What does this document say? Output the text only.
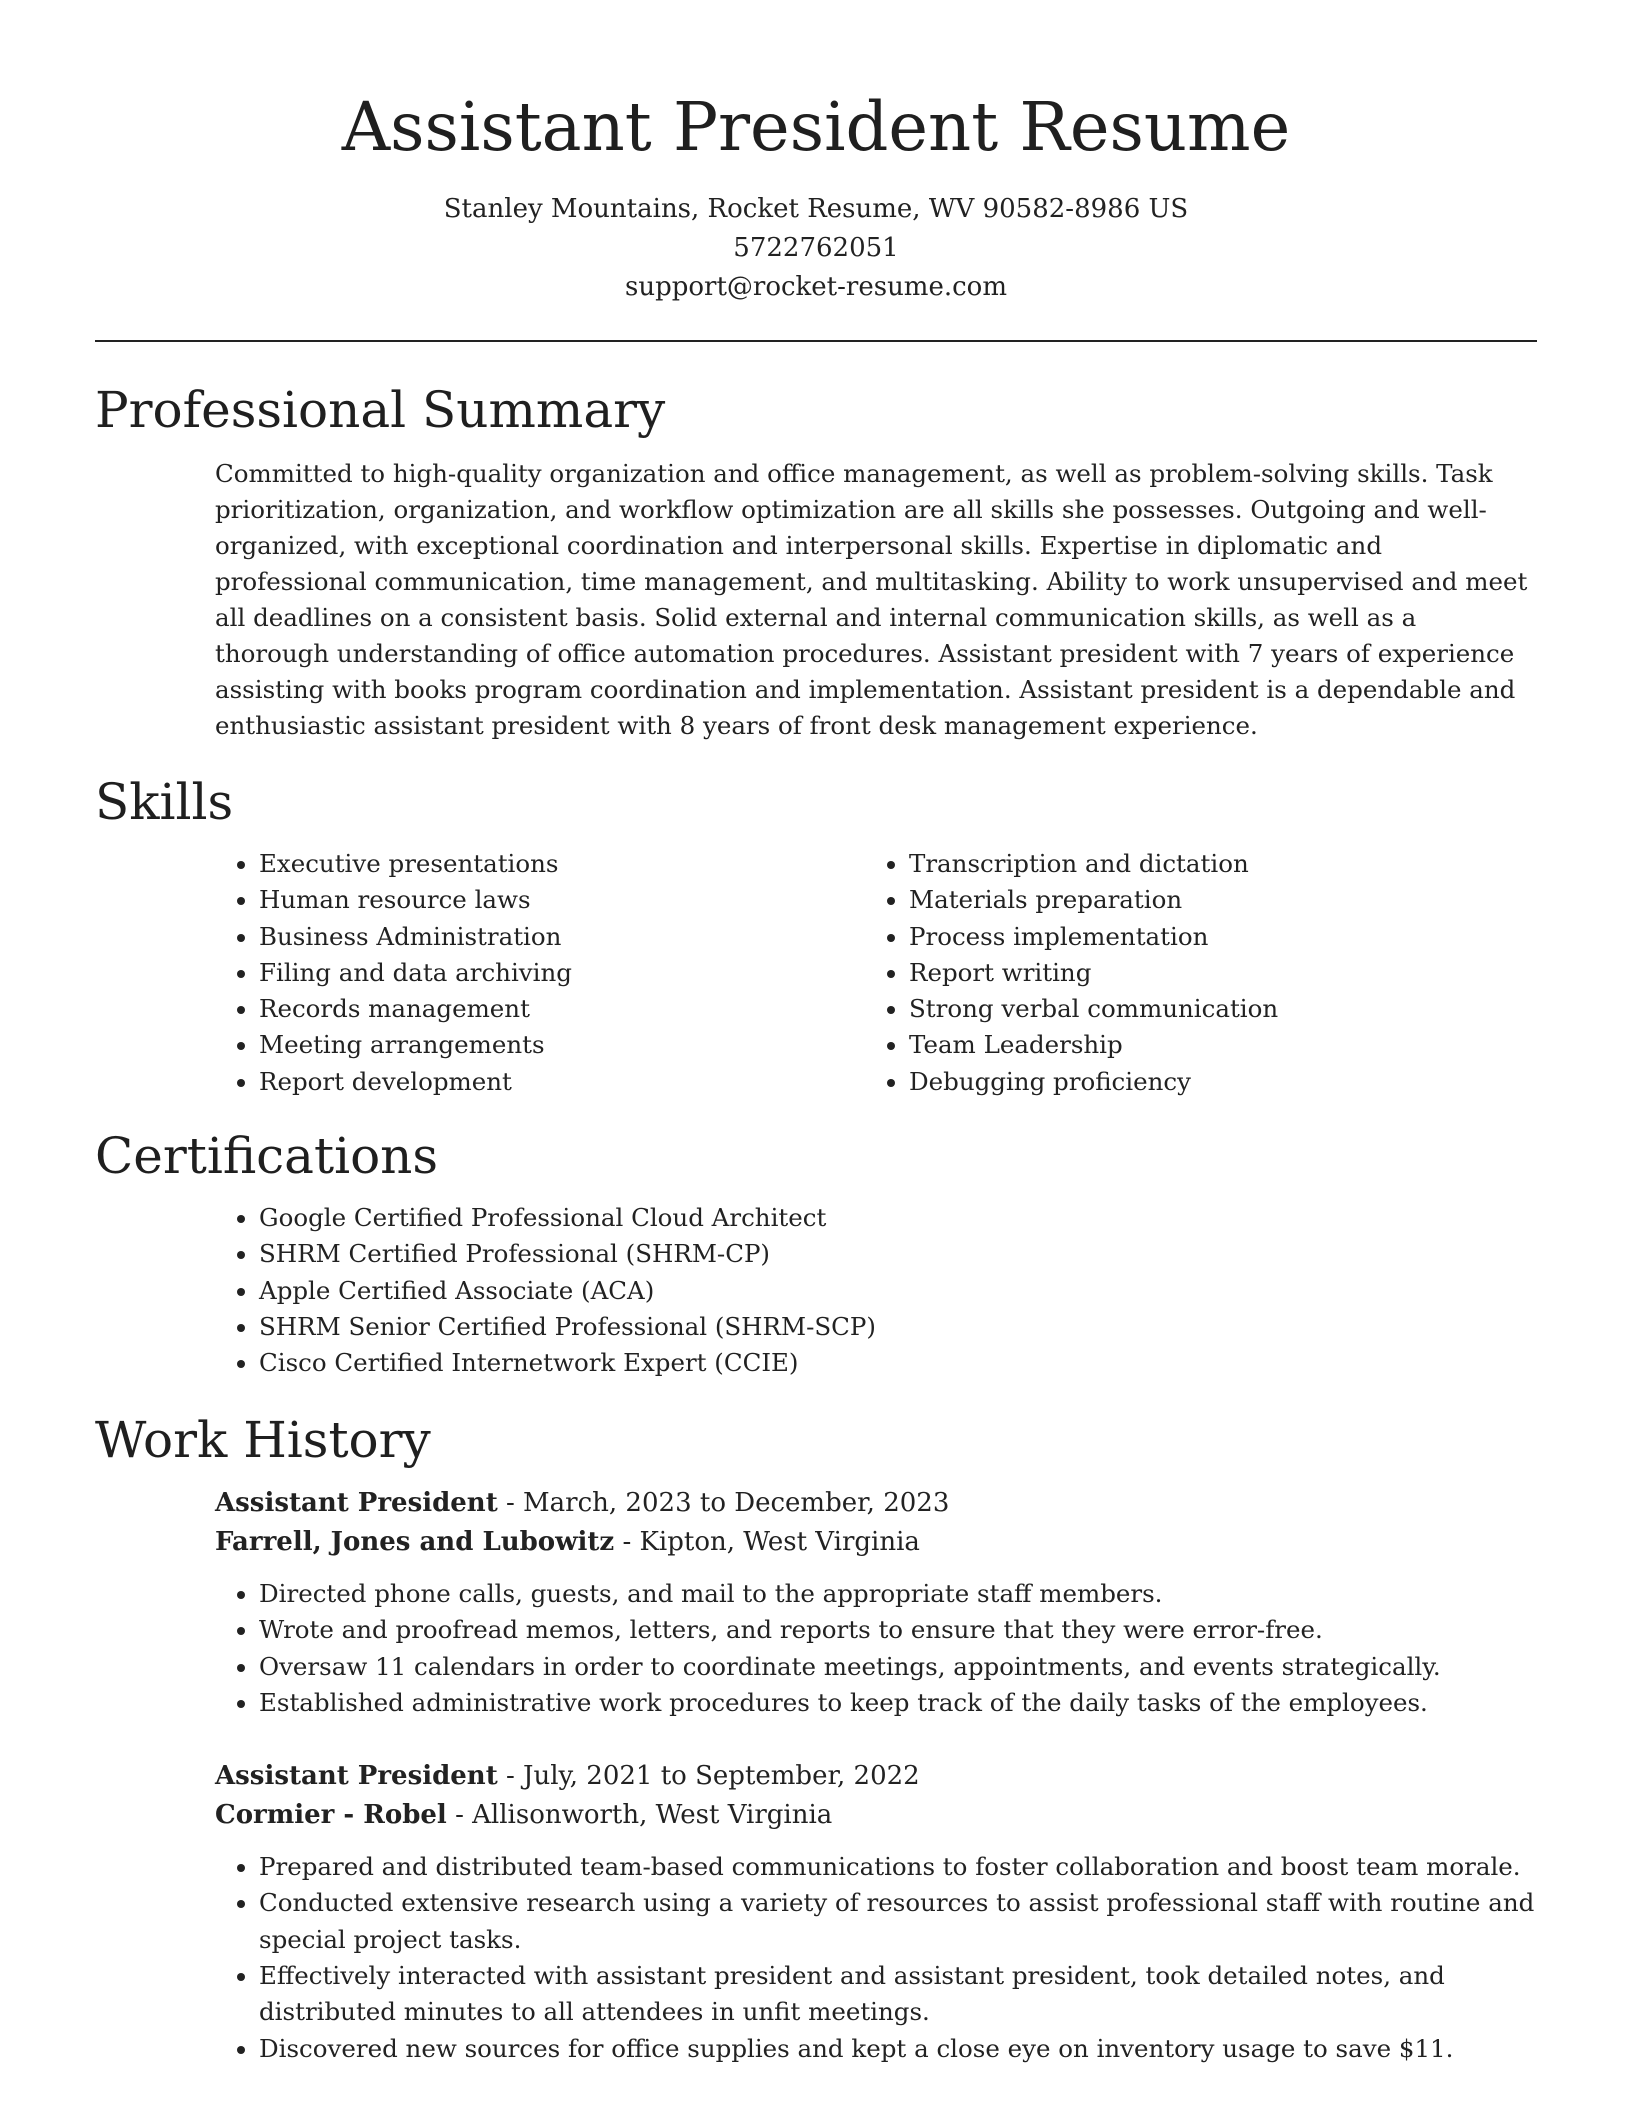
Assistant President Resume
Stanley Mountains, Rocket Resume, WV 90582-8986 US
5722762051
support@rocket-resume.com
Professional Summary

Committed to high-quality organization and office management, as well as problem-solving skills. Task prioritization, organization, and workflow optimization are all skills she possesses. Outgoing and well-organized, with exceptional coordination and interpersonal skills. Expertise in diplomatic and professional communication, time management, and multitasking. Ability to work unsupervised and meet all deadlines on a consistent basis. Solid external and internal communication skills, as well as a thorough understanding of office automation procedures. Assistant president with 7 years of experience assisting with books program coordination and implementation. Assistant president is a dependable and enthusiastic assistant president with 8 years of front desk management experience.

Skills
• Executive presentations
• Human resource laws
• Business Administration
• Filing and data archiving
• Records management
• Meeting arrangements
• Report development
• Transcription and dictation
• Materials preparation
• Process implementation
• Report writing
• Strong verbal communication
• Team Leadership
• Debugging proficiency
Certifications
• Google Certified Professional Cloud Architect
• SHRM Certified Professional (SHRM-CP)
• Apple Certified Associate (ACA)
• SHRM Senior Certified Professional (SHRM-SCP)
• Cisco Certified Internetwork Expert (CCIE)
Work History
Assistant President - March, 2023 to December, 2023
Farrell, Jones and Lubowitz - Kipton, West Virginia
• Directed phone calls, guests, and mail to the appropriate staff members.
• Wrote and proofread memos, letters, and reports to ensure that they were error-free.
• Oversaw 11 calendars in order to coordinate meetings, appointments, and events strategically.
• Established administrative work procedures to keep track of the daily tasks of the employees.
Assistant President - July, 2021 to September, 2022
Cormier - Robel - Allisonworth, West Virginia
• Prepared and distributed team-based communications to foster collaboration and boost team morale.
• Conducted extensive research using a variety of resources to assist professional staff with routine and special project tasks.
• Effectively interacted with assistant president and assistant president, took detailed notes, and distributed minutes to all attendees in unfit meetings.
• Discovered new sources for office supplies and kept a close eye on inventory usage to save $11.
